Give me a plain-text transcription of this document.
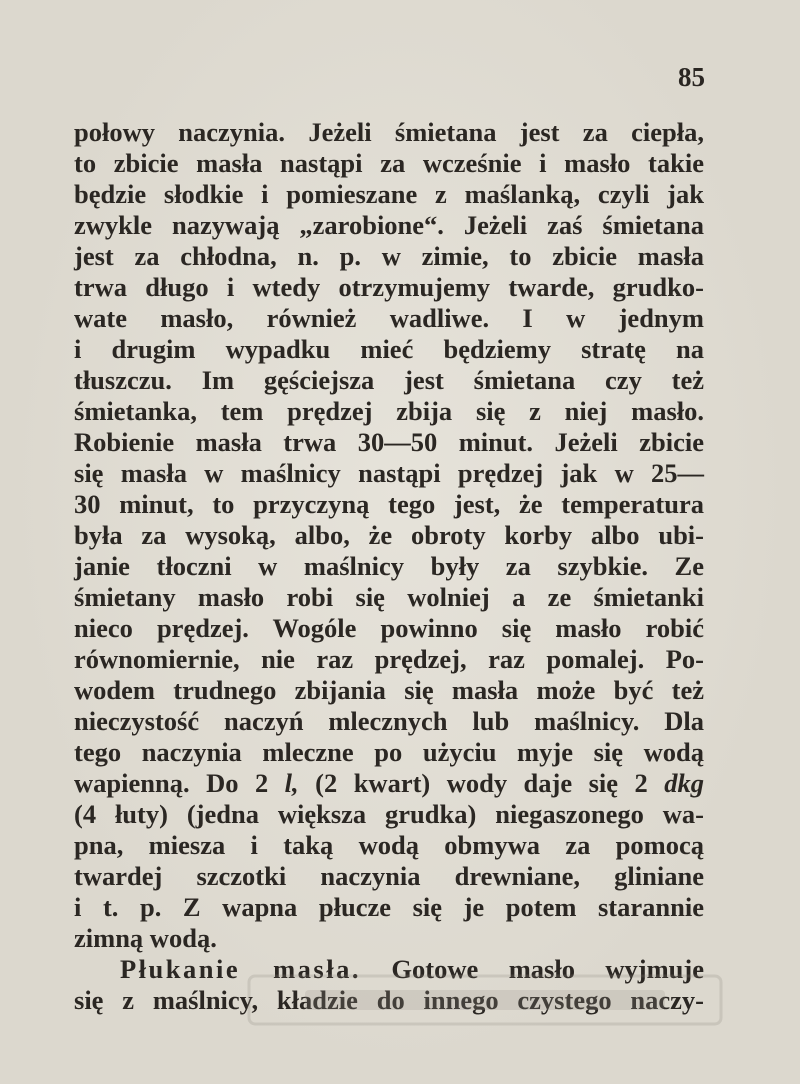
85
połowy naczynia. Jeżeli śmietana jest za ciepła,
to zbicie masła nastąpi za wcześnie i masło takie
będzie słodkie i pomieszane z maślanką, czyli jak
zwykle nazywają „zarobione“. Jeżeli zaś śmietana
jest za chłodna, n. p. w zimie, to zbicie masła
trwa długo i wtedy otrzymujemy twarde, grudko-
wate masło, również wadliwe. I w jednym
i drugim wypadku mieć będziemy stratę na
tłuszczu. Im gęściejsza jest śmietana czy też
śmietanka, tem prędzej zbija się z niej masło.
Robienie masła trwa 30—50 minut. Jeżeli zbicie
się masła w maślnicy nastąpi prędzej jak w 25—
30 minut, to przyczyną tego jest, że temperatura
była za wysoką, albo, że obroty korby albo ubi-
janie tłoczni w maślnicy były za szybkie. Ze
śmietany masło robi się wolniej a ze śmietanki
nieco prędzej. Wogóle powinno się masło robić
równomiernie, nie raz prędzej, raz pomalej. Po-
wodem trudnego zbijania się masła może być też
nieczystość naczyń mlecznych lub maślnicy. Dla
tego naczynia mleczne po użyciu myje się wodą
wapienną. Do 2 l, (2 kwart) wody daje się 2 dkg
(4 łuty) (jedna większa grudka) niegaszonego wa-
pna, miesza i taką wodą obmywa za pomocą
twardej szczotki naczynia drewniane, gliniane
i t. p. Z wapna płucze się je potem starannie
zimną wodą.
Płukanie masła. Gotowe masło wyjmuje
się z maślnicy, kładzie do innego czystego naczy-
